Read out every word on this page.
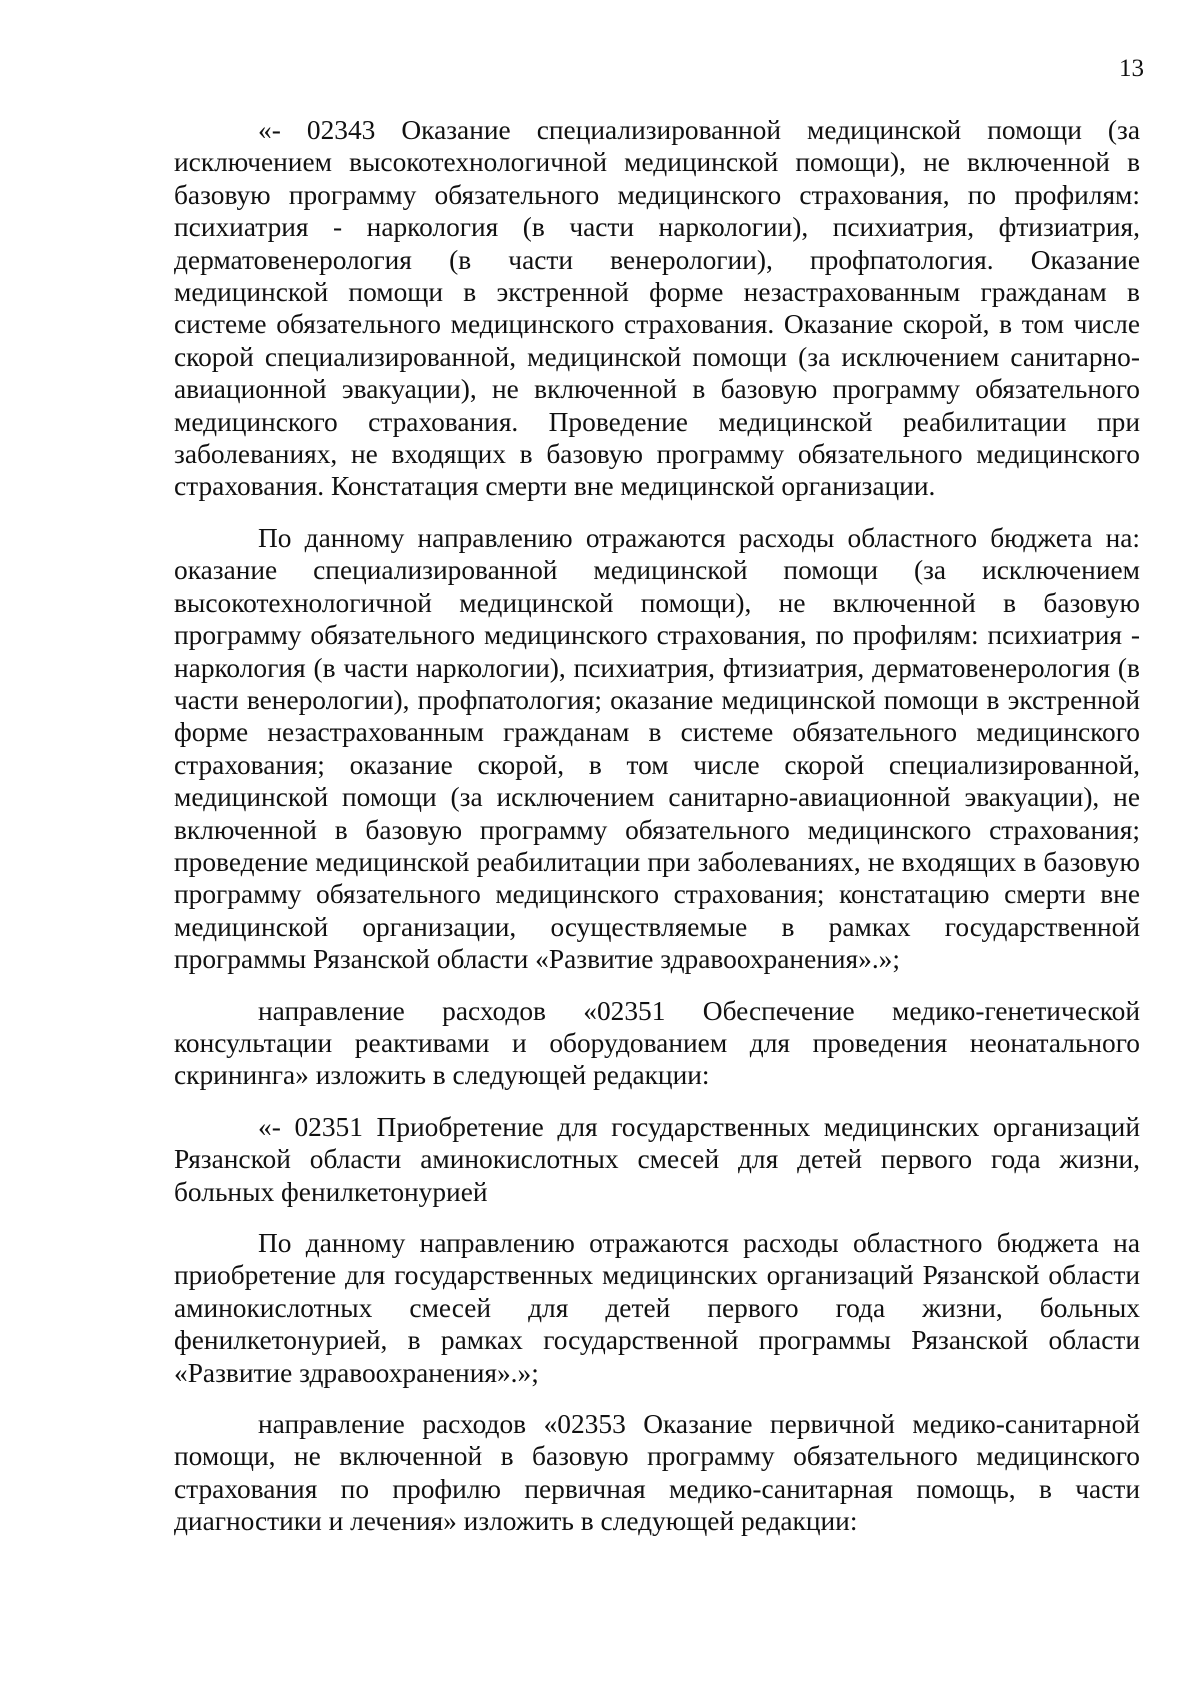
13

«- 02343 Оказание специализированной медицинской помощи (за исключением высокотехнологичной медицинской помощи), не включенной в базовую программу обязательного медицинского страхования, по профилям: психиатрия - наркология (в части наркологии), психиатрия, фтизиатрия, дерматовенерология (в части венерологии), профпатология. Оказание медицинской помощи в экстренной форме незастрахованным гражданам в системе обязательного медицинского страхования. Оказание скорой, в том числе скорой специализированной, медицинской помощи (за исключением санитарно-авиационной эвакуации), не включенной в базовую программу обязательного медицинского страхования. Проведение медицинской реабилитации при заболеваниях, не входящих в базовую программу обязательного медицинского страхования. Констатация смерти вне медицинской организации.

По данному направлению отражаются расходы областного бюджета на: оказание специализированной медицинской помощи (за исключением высокотехнологичной медицинской помощи), не включенной в базовую программу обязательного медицинского страхования, по профилям: психиатрия - наркология (в части наркологии), психиатрия, фтизиатрия, дерматовенерология (в части венерологии), профпатология; оказание медицинской помощи в экстренной форме незастрахованным гражданам в системе обязательного медицинского страхования; оказание скорой, в том числе скорой специализированной, медицинской помощи (за исключением санитарно-авиационной эвакуации), не включенной в базовую программу обязательного медицинского страхования; проведение медицинской реабилитации при заболеваниях, не входящих в базовую программу обязательного медицинского страхования; констатацию смерти вне медицинской организации, осуществляемые в рамках государственной программы Рязанской области «Развитие здравоохранения».»;

направление расходов «02351 Обеспечение медико-генетической консультации реактивами и оборудованием для проведения неонатального скрининга» изложить в следующей редакции:

«- 02351 Приобретение для государственных медицинских организаций Рязанской области аминокислотных смесей для детей первого года жизни, больных фенилкетонурией

По данному направлению отражаются расходы областного бюджета на приобретение для государственных медицинских организаций Рязанской области аминокислотных смесей для детей первого года жизни, больных фенилкетонурией, в рамках государственной программы Рязанской области «Развитие здравоохранения».»;

направление расходов «02353 Оказание первичной медико-санитарной помощи, не включенной в базовую программу обязательного медицинского страхования по профилю первичная медико-санитарная помощь, в части диагностики и лечения» изложить в следующей редакции:
